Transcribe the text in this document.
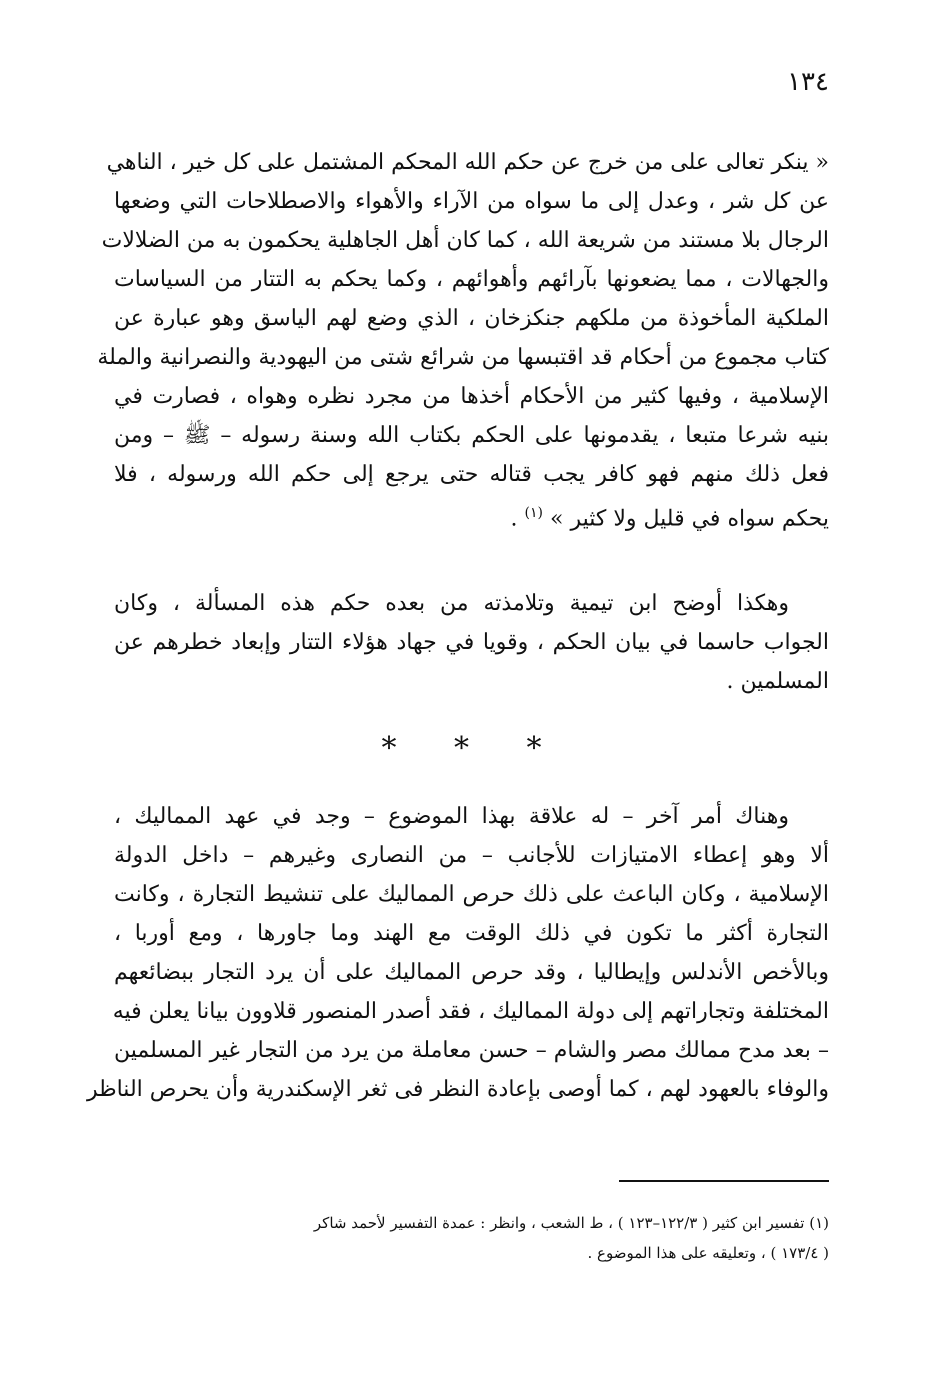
١٣٤
« ينكر تعالى على من خرج عن حكم الله المحكم المشتمل على كل خير ، الناهي
عن كل شر ، وعدل إلى ما سواه من الآراء والأهواء والاصطلاحات التي وضعها
الرجال بلا مستند من شريعة الله ، كما كان أهل الجاهلية يحكمون به من الضلالات
والجهالات ، مما يضعونها بآرائهم وأهوائهم ، وكما يحكم به التتار من السياسات
الملكية المأخوذة من ملكهم جنكزخان ، الذي وضع لهم الياسق وهو عبارة عن
كتاب مجموع من أحكام قد اقتبسها من شرائع شتى من اليهودية والنصرانية والملة
الإسلامية ، وفيها كثير من الأحكام أخذها من مجرد نظره وهواه ، فصارت في
بنيه شرعا متبعا ، يقدمونها على الحكم بكتاب الله وسنة رسوله – ﷺ – ومن
فعل ذلك منهم فهو كافر يجب قتاله حتى يرجع إلى حكم الله ورسوله ، فلا
يحكم سواه في قليل ولا كثير » $^{(١)}$ .
وهكذا أوضح ابن تيمية وتلامذته من بعده حكم هذه المسألة ، وكان
الجواب حاسما في بيان الحكم ، وقويا في جهاد هؤلاء التتار وإبعاد خطرهم عن
المسلمين .
* * *
وهناك أمر آخر – له علاقة بهذا الموضوع – وجد في عهد المماليك ،
ألا وهو إعطاء الامتيازات للأجانب – من النصارى وغيرهم – داخل الدولة
الإسلامية ، وكان الباعث على ذلك حرص المماليك على تنشيط التجارة ، وكانت
التجارة أكثر ما تكون في ذلك الوقت مع الهند وما جاورها ، ومع أوربا ،
وبالأخص الأندلس وإيطاليا ، وقد حرص المماليك على أن يرد التجار ببضائعهم
المختلفة وتجاراتهم إلى دولة المماليك ، فقد أصدر المنصور قلاوون بيانا يعلن فيه
– بعد مدح ممالك مصر والشام – حسن معاملة من يرد من التجار غير المسلمين
والوفاء بالعهود لهم ، كما أوصى بإعادة النظر فى ثغر الإسكندرية وأن يحرص الناظر
(١) تفسير ابن كثير ( ١٢٢/٣–١٢٣ ) ، ط الشعب ، وانظر : عمدة التفسير لأحمد شاكر
( ١٧٣/٤ ) ، وتعليقه على هذا الموضوع .
